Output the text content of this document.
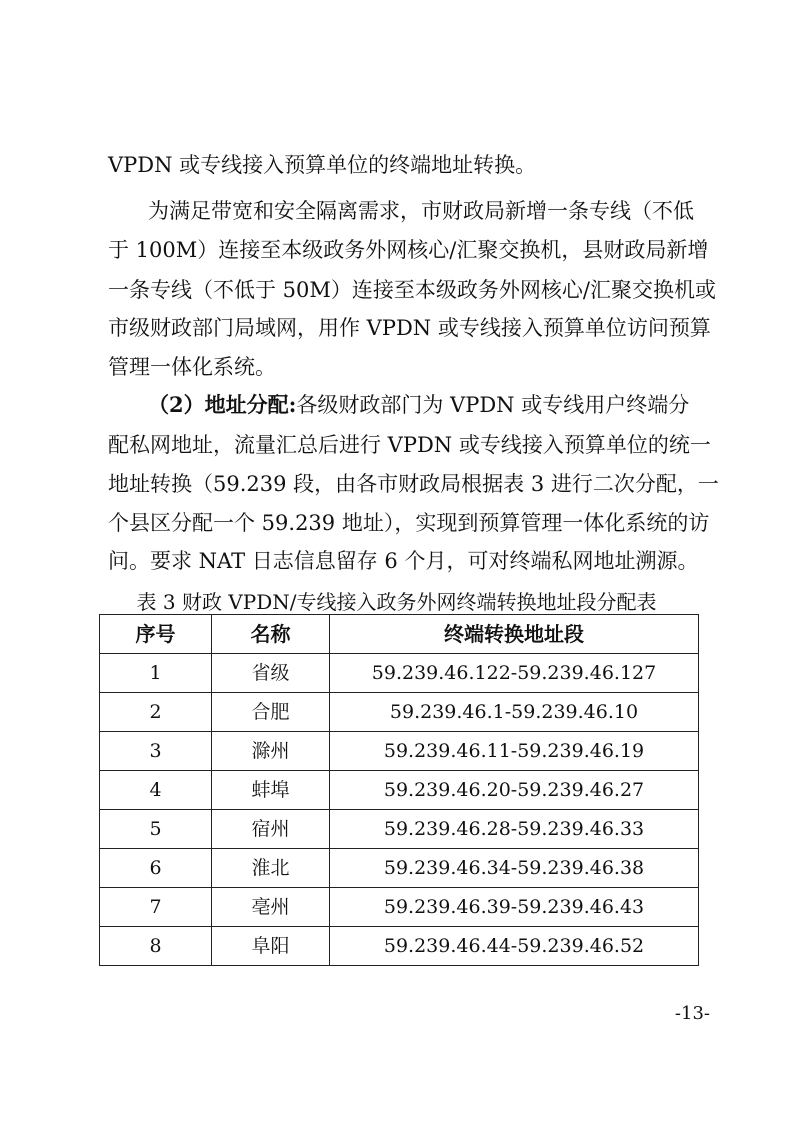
VPDN 或专线接入预算单位的终端地址转换。
为满足带宽和安全隔离需求，市财政局新增一条专线（不低
于 100M）连接至本级政务外网核心/汇聚交换机，县财政局新增
一条专线（不低于 50M）连接至本级政务外网核心/汇聚交换机或
市级财政部门局域网，用作 VPDN 或专线接入预算单位访问预算
管理一体化系统。
（2）地址分配:各级财政部门为 VPDN 或专线用户终端分
配私网地址，流量汇总后进行 VPDN 或专线接入预算单位的统一
地址转换（59.239 段，由各市财政局根据表 3 进行二次分配，一
个县区分配一个 59.239 地址），实现到预算管理一体化系统的访
问。要求 NAT 日志信息留存 6 个月，可对终端私网地址溯源。
表 3 财政 VPDN/专线接入政务外网终端转换地址段分配表
序号	名称	终端转换地址段
1	省级	59.239.46.122-59.239.46.127
2	合肥	59.239.46.1-59.239.46.10
3	滁州	59.239.46.11-59.239.46.19
4	蚌埠	59.239.46.20-59.239.46.27
5	宿州	59.239.46.28-59.239.46.33
6	淮北	59.239.46.34-59.239.46.38
7	亳州	59.239.46.39-59.239.46.43
8	阜阳	59.239.46.44-59.239.46.52
-13-
